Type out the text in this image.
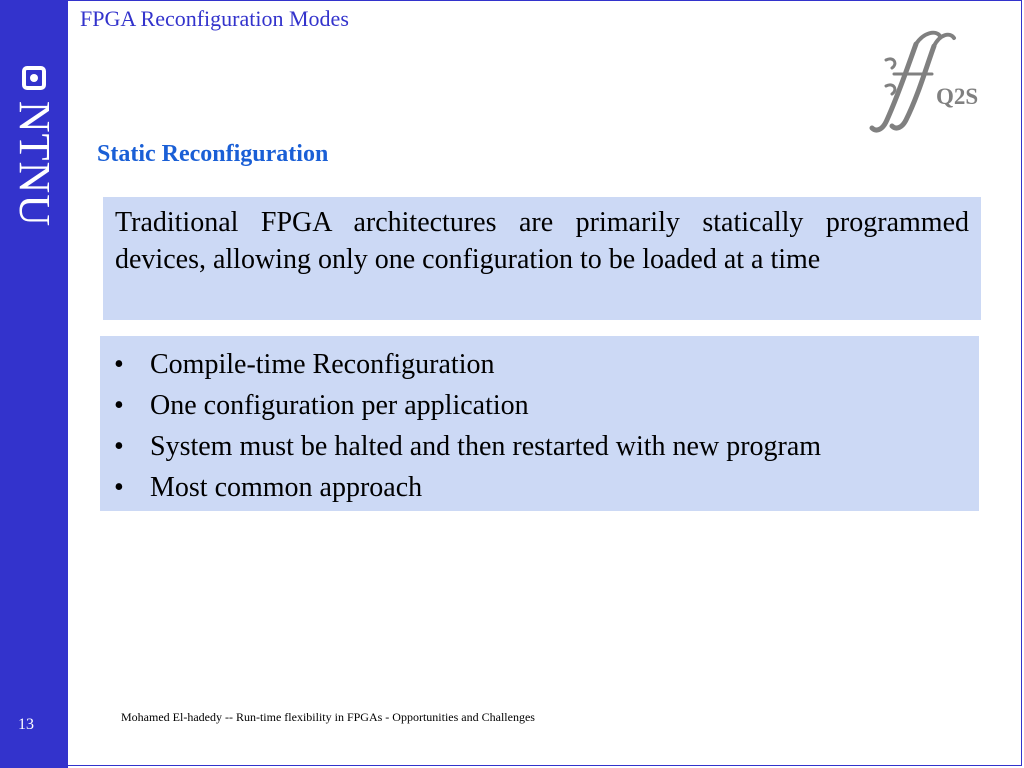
NTNU
13
FPGA Reconfiguration Modes
Q2S
Static Reconfiguration

Traditional FPGA architectures are primarily statically programmed devices, allowing only one configuration to be loaded at a time

• Compile-time Reconfiguration
• One configuration per application
• System must be halted and then restarted with new program
• Most common approach
Mohamed El-hadedy -- Run-time flexibility in FPGAs - Opportunities and Challenges
